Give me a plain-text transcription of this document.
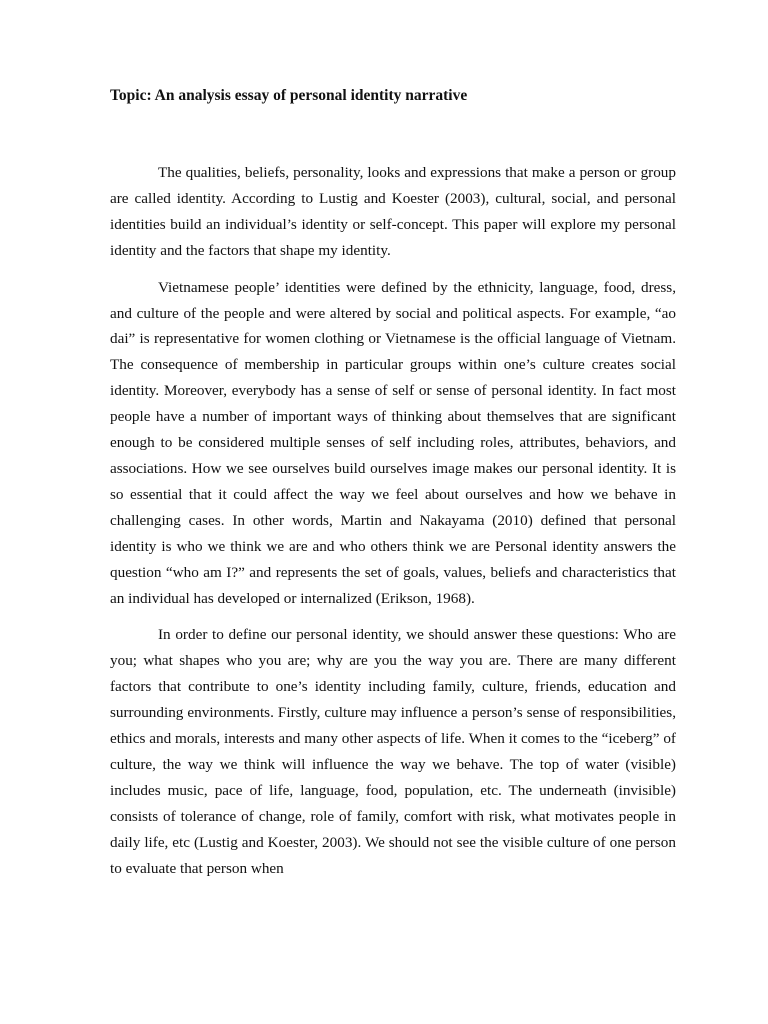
Topic: An analysis essay of personal identity narrative

The qualities, beliefs, personality, looks and expressions that make a person or group are called identity. According to Lustig and Koester (2003), cultural, social, and personal identities build an individual’s identity or self-concept. This paper will explore my personal identity and the factors that shape my identity.

Vietnamese people’ identities were defined by the ethnicity, language, food, dress, and culture of the people and were altered by social and political aspects. For example, “ao dai” is representative for women clothing or Vietnamese is the official language of Vietnam. The consequence of membership in particular groups within one’s culture creates social identity. Moreover, everybody has a sense of self or sense of personal identity. In fact most people have a number of important ways of thinking about themselves that are significant enough to be considered multiple senses of self including roles, attributes, behaviors, and associations. How we see ourselves build ourselves image makes our personal identity. It is so essential that it could affect the way we feel about ourselves and how we behave in challenging cases. In other words, Martin and Nakayama (2010) defined that personal identity is who we think we are and who others think we are Personal identity answers the question “who am I?” and represents the set of goals, values, beliefs and characteristics that an individual has developed or internalized (Erikson, 1968).

In order to define our personal identity, we should answer these questions: Who are you; what shapes who you are; why are you the way you are. There are many different factors that contribute to one’s identity including family, culture, friends, education and surrounding environments. Firstly, culture may influence a person’s sense of responsibilities, ethics and morals, interests and many other aspects of life. When it comes to the “iceberg” of culture, the way we think will influence the way we behave. The top of water (visible) includes music, pace of life, language, food, population, etc. The underneath (invisible) consists of tolerance of change, role of family, comfort with risk, what motivates people in daily life, etc (Lustig and Koester, 2003). We should not see the visible culture of one person to evaluate that person when
